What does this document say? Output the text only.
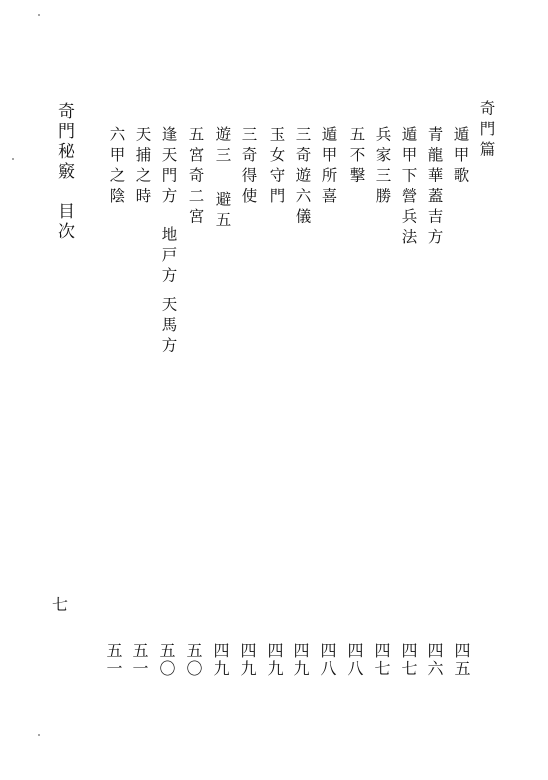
奇門秘竅　目次	奇門篇
遁甲歌
青龍華蓋吉方
遁甲下營兵法
兵家三勝
五不撃
遁甲所喜
三奇遊六儀
玉女守門
三奇得使
遊三
避五
五宮奇二宮
逢天門方
地戸方
天馬方
天捕之時
六甲之陰
四五
四六
四七
四七
四八
四八
四九
四九
四九
四九
五〇
五〇
五一
五一
七
